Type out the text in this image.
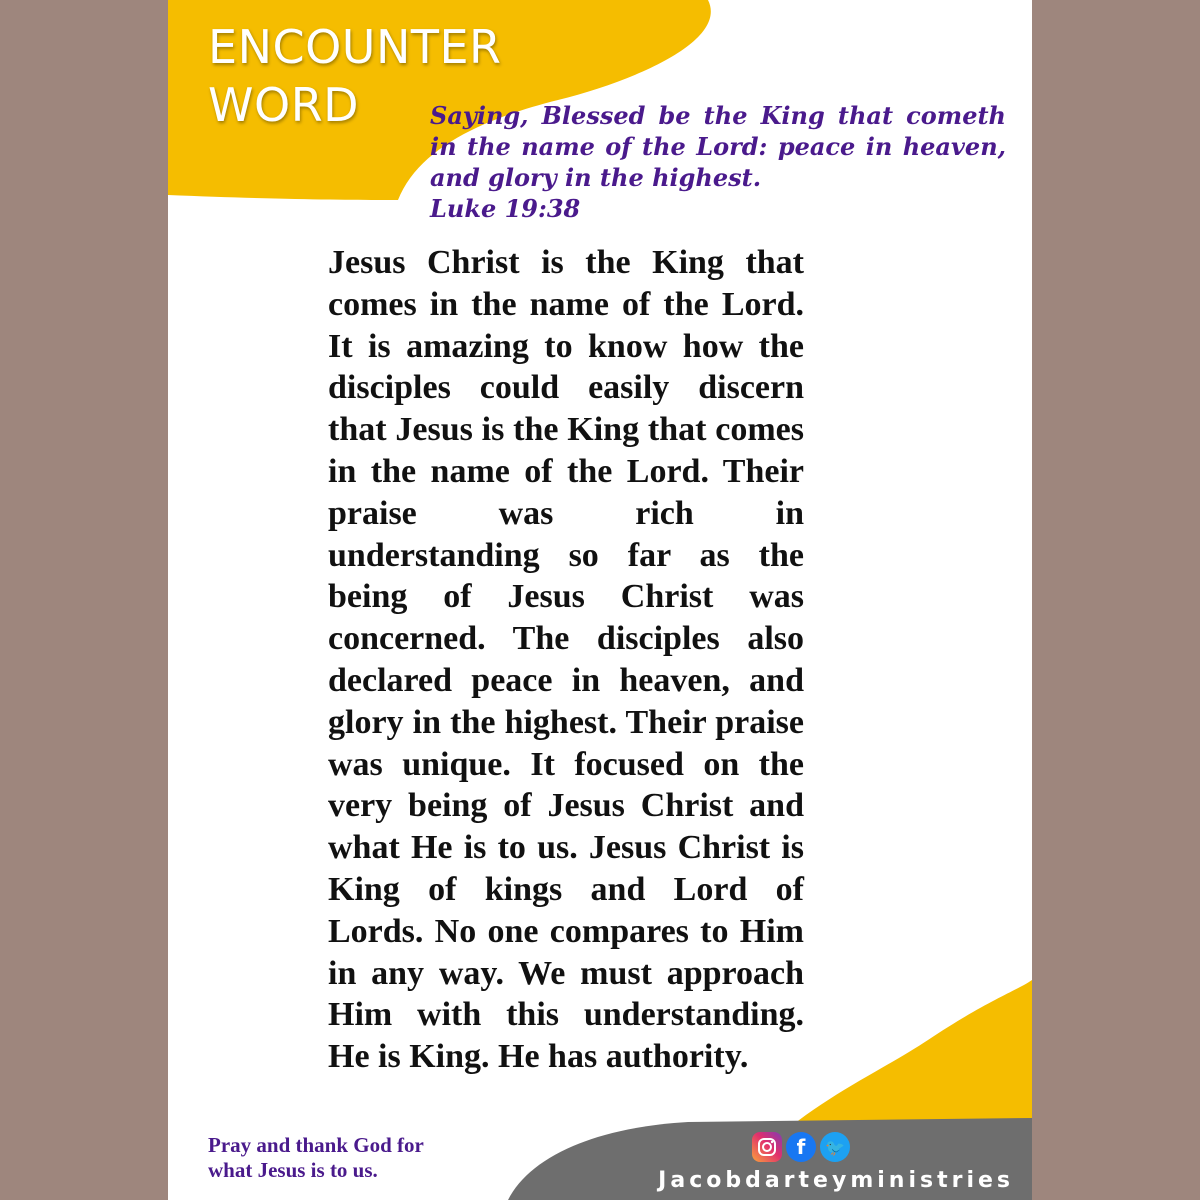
ENCOUNTER
WORD	Saying, Blessed be the King that cometh in the name of the Lord: peace in heaven, and glory in the highest.
Luke 19:38
Jesus Christ is the King that comes in the name of the Lord. It is amazing to know how the disciples could easily discern that Jesus is the King that comes in the name of the Lord. Their praise was rich in understanding so far as the being of Jesus Christ was concerned. The disciples also declared peace in heaven, and glory in the highest. Their praise was unique. It focused on the very being of Jesus Christ and what He is to us. Jesus Christ is King of kings and Lord of Lords. No one compares to Him in any way. We must approach Him with this understanding. He is King. He has authority.
Pray and thank God for
what Jesus is to us.
f 🐦
Jacobdarteyministries
